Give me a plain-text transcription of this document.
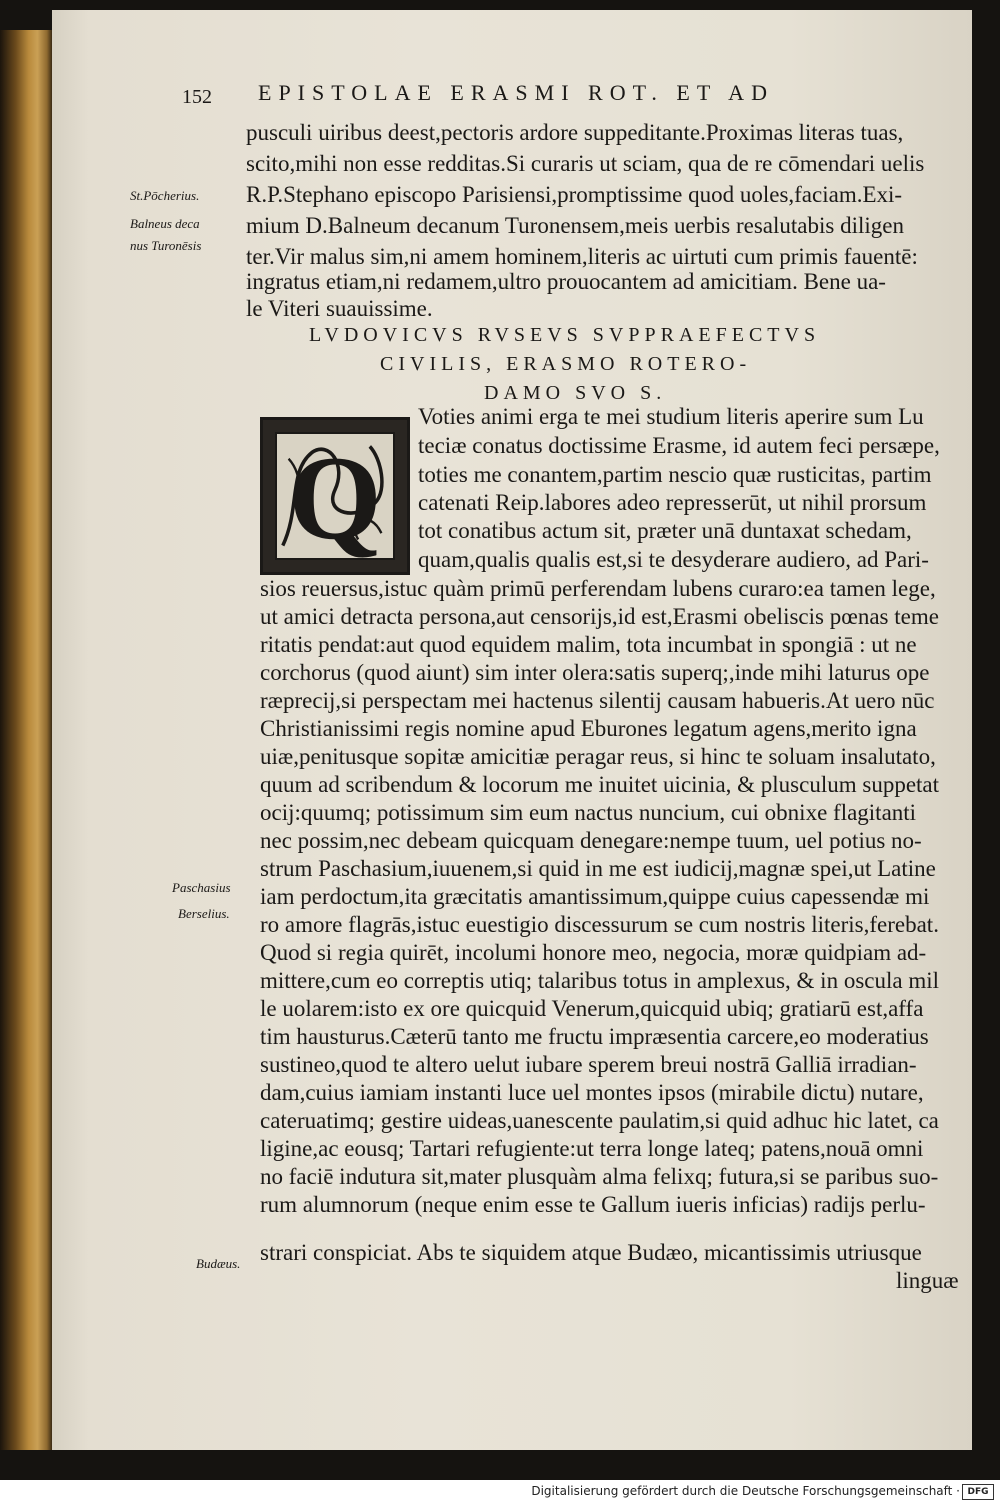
152 EPISTOLAE ERASMI ROT. ET AD
pusculi uiribus deest,pectoris ardore suppeditante.Proximas literas tuas,
scito,mihi non esse redditas.Si curaris ut sciam, qua de re cōmendari uelis
R.P.Stephano episcopo Parisiensi,promptissime quod uoles,faciam.Exi-
mium D.Balneum decanum Turonensem,meis uerbis resalutabis diligen
ter.Vir malus sim,ni amem hominem,literis ac uirtuti cum primis fauentē:
ingratus etiam,ni redamem,ultro prouocantem ad amicitiam. Bene ua-
le Viteri suauissime.
St.Pōcherius.
Balneus deca
nus Turonēsis
Paschasius
Berselius.
Budæus.
LVDOVICVS RVSEVS SVPPRAEFECTVS
CIVILIS, ERASMO ROTERO-
DAMO SVO S.
Q
Voties animi erga te mei studium literis aperire sum Lu
teciæ conatus doctissime Erasme, id autem feci persæpe,
toties me conantem,partim nescio quæ rusticitas, partim
catenati Reip.labores adeo represserūt, ut nihil prorsum
tot conatibus actum sit, præter unā duntaxat schedam,
quam,qualis qualis est,si te desyderare audiero, ad Pari-
sios reuersus,istuc quàm primū perferendam lubens curaro:ea tamen lege,
ut amici detracta persona,aut censorijs,id est,Erasmi obeliscis pœnas teme
ritatis pendat:aut quod equidem malim, tota incumbat in spongiā : ut ne
corchorus (quod aiunt) sim inter olera:satis superq;,inde mihi laturus ope
ræprecij,si perspectam mei hactenus silentij causam habueris.At uero nūc
Christianissimi regis nomine apud Eburones legatum agens,merito igna
uiæ,penitusque sopitæ amicitiæ peragar reus, si hinc te soluam insalutato,
quum ad scribendum & locorum me inuitet uicinia, & plusculum suppetat
ocij:quumq; potissimum sim eum nactus nuncium, cui obnixe flagitanti
nec possim,nec debeam quicquam denegare:nempe tuum, uel potius no-
strum Paschasium,iuuenem,si quid in me est iudicij,magnæ spei,ut Latine
iam perdoctum,ita græcitatis amantissimum,quippe cuius capessendæ mi
ro amore flagrās,istuc euestigio discessurum se cum nostris literis,ferebat.
Quod si regia quirēt, incolumi honore meo, negocia, moræ quidpiam ad-
mittere,cum eo correptis utiq; talaribus totus in amplexus, & in oscula mil
le uolarem:isto ex ore quicquid Venerum,quicquid ubiq; gratiarū est,affa
tim hausturus.Cæterū tanto me fructu impræsentia carcere,eo moderatius
sustineo,quod te altero uelut iubare sperem breui nostrā Galliā irradian-
dam,cuius iamiam instanti luce uel montes ipsos (mirabile dictu) nutare,
cateruatimq; gestire uideas,uanescente paulatim,si quid adhuc hic latet, ca
ligine,ac eousq; Tartari refugiente:ut terra longe lateq; patens,nouā omni
no faciē indutura sit,mater plusquàm alma felixq; futura,si se paribus suo-
rum alumnorum (neque enim esse te Gallum iueris inficias) radijs perlu-
strari conspiciat. Abs te siquidem atque Budæo, micantissimis utriusque
linguæ
Digitalisierung gefördert durch die Deutsche Forschungsgemeinschaft · DFG
